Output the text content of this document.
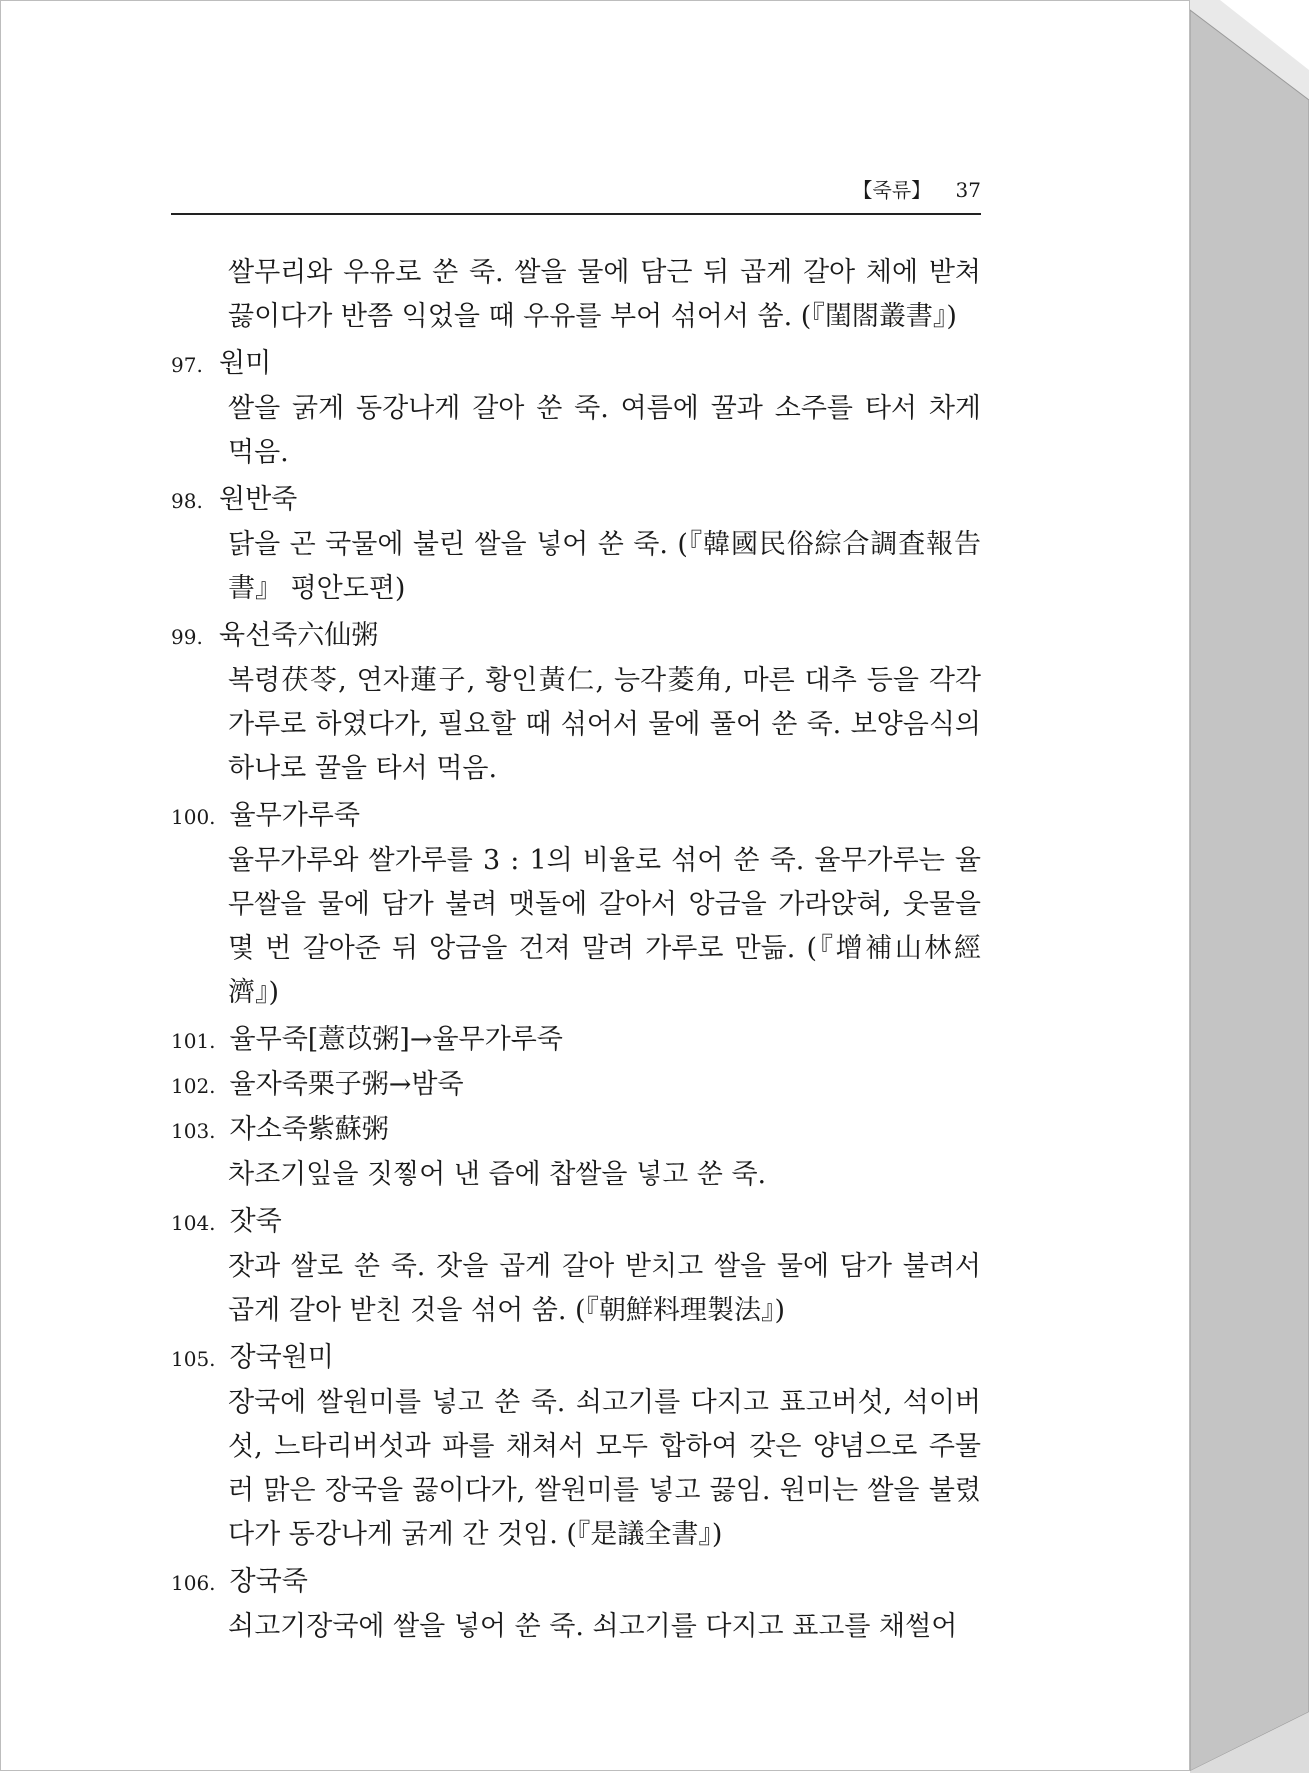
【죽류】 37

쌀무리와 우유로 쑨 죽. 쌀을 물에 담근 뒤 곱게 갈아 체에 받쳐 끓이다가 반쯤 익었을 때 우유를 부어 섞어서 쑴. (『閨閤叢書』)

97. 원미

쌀을 굵게 동강나게 갈아 쑨 죽. 여름에 꿀과 소주를 타서 차게 먹음.

98. 원반죽

닭을 곤 국물에 불린 쌀을 넣어 쑨 죽. (『韓國民俗綜合調査報告書』 평안도편)

99. 육선죽六仙粥

복령茯苓, 연자蓮子, 황인黃仁, 능각菱角, 마른 대추 등을 각각 가루로 하였다가, 필요할 때 섞어서 물에 풀어 쑨 죽. 보양음식의 하나로 꿀을 타서 먹음.

100. 율무가루죽

율무가루와 쌀가루를 3 : 1의 비율로 섞어 쑨 죽. 율무가루는 율무쌀을 물에 담가 불려 맷돌에 갈아서 앙금을 가라앉혀, 웃물을 몇 번 갈아준 뒤 앙금을 건져 말려 가루로 만듦. (『增補山林經濟』)

101. 율무죽[薏苡粥]→율무가루죽
102. 율자죽栗子粥→밤죽
103. 자소죽紫蘇粥

차조기잎을 짓찧어 낸 즙에 찹쌀을 넣고 쑨 죽.

104. 잣죽

잣과 쌀로 쑨 죽. 잣을 곱게 갈아 받치고 쌀을 물에 담가 불려서 곱게 갈아 받친 것을 섞어 쑴. (『朝鮮料理製法』)

105. 장국원미

장국에 쌀원미를 넣고 쑨 죽. 쇠고기를 다지고 표고버섯, 석이버섯, 느타리버섯과 파를 채쳐서 모두 합하여 갖은 양념으로 주물러 맑은 장국을 끓이다가, 쌀원미를 넣고 끓임. 원미는 쌀을 불렸다가 동강나게 굵게 간 것임. (『是議全書』)

106. 장국죽

쇠고기장국에 쌀을 넣어 쑨 죽. 쇠고기를 다지고 표고를 채썰어
